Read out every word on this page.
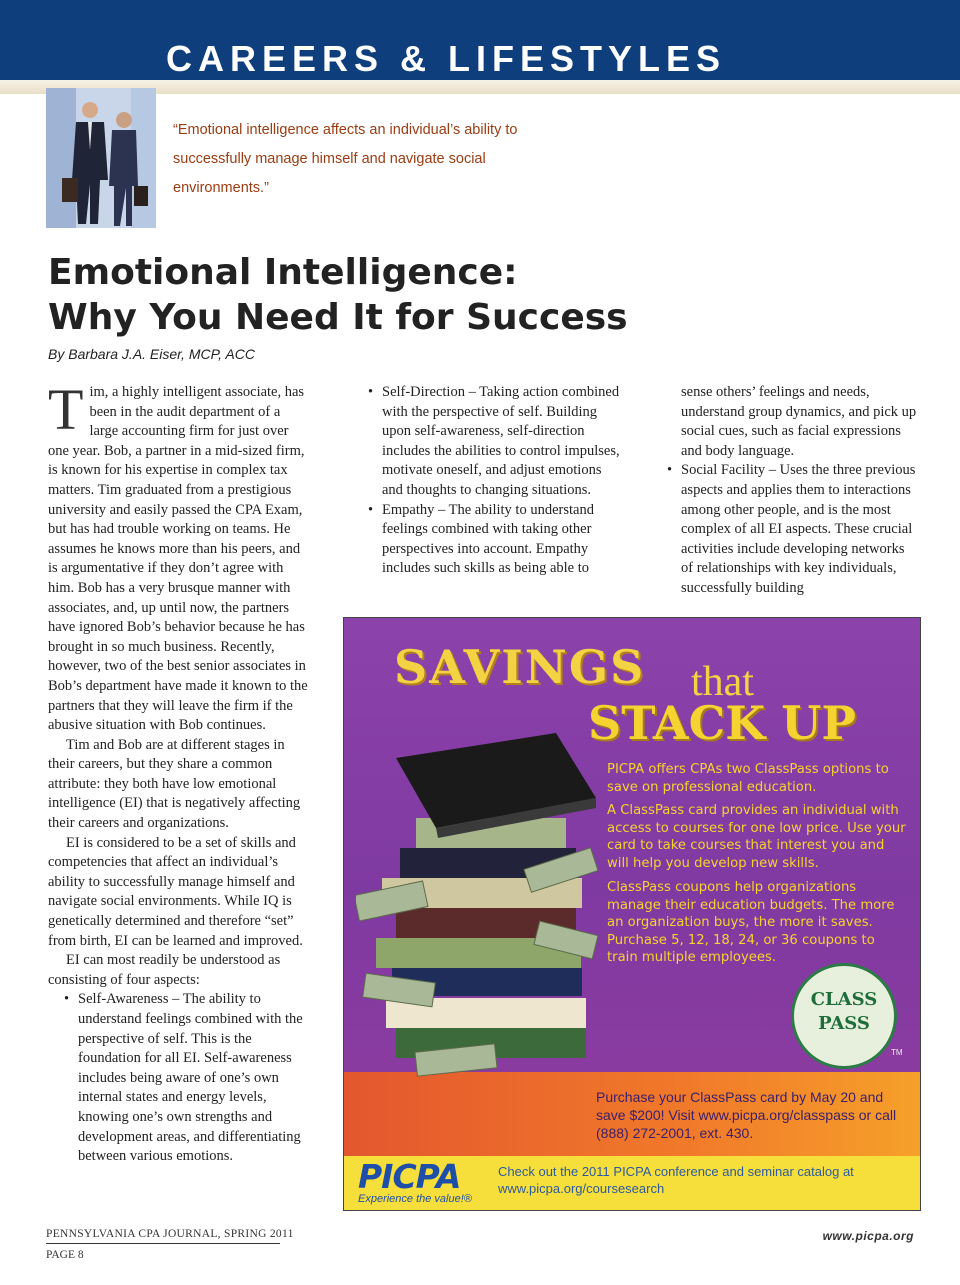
CAREERS & LIFESTYLES
“Emotional intelligence affects an individual’s ability to successfully manage himself and navigate social environments.”
Emotional Intelligence:
Why You Need It for Success
By Barbara J.A. Eiser, MCP, ACC

Tim, a highly intelligent associate, has been in the audit department of a large accounting firm for just over one year. Bob, a partner in a mid-sized firm, is known for his expertise in complex tax matters. Tim graduated from a prestigious university and easily passed the CPA Exam, but has had trouble working on teams. He assumes he knows more than his peers, and is argumentative if they don’t agree with him. Bob has a very brusque manner with associates, and, up until now, the partners have ignored Bob’s behavior because he has brought in so much business. Recently, however, two of the best senior associates in Bob’s department have made it known to the partners that they will leave the firm if the abusive situation with Bob continues.

Tim and Bob are at different stages in their careers, but they share a common attribute: they both have low emotional intelligence (EI) that is negatively affecting their careers and organizations.

EI is considered to be a set of skills and competencies that affect an individual’s ability to successfully manage himself and navigate social environments. While IQ is genetically determined and therefore “set” from birth, EI can be learned and improved.

EI can most readily be understood as consisting of four aspects:

• Self-Awareness – The ability to understand feelings combined with the perspective of self. This is the foundation for all EI. Self-awareness includes being aware of one’s own internal states and energy levels, knowing one’s own strengths and development areas, and differentiating between various emotions.

• Self-Direction – Taking action combined with the perspective of self. Building upon self-awareness, self-direction includes the abilities to control impulses, motivate oneself, and adjust emotions and thoughts to changing situations.

• Empathy – The ability to understand feelings combined with taking other perspectives into account. Empathy includes such skills as being able to

sense others’ feelings and needs, understand group dynamics, and pick up social cues, such as facial expressions and body language.

• Social Facility – Uses the three previous aspects and applies them to interactions among other people, and is the most complex of all EI aspects. These crucial activities include developing networks of relationships with key individuals, successfully building

SAVINGS that
STACK UP

PICPA offers CPAs two ClassPass options to save on professional education.

A ClassPass card provides an individual with access to courses for one low price. Use your card to take courses that interest you and will help you develop new skills.

ClassPass coupons help organizations manage their education budgets. The more an organization buys, the more it saves. Purchase 5, 12, 18, 24, or 36 coupons to train multiple employees.

CLASS
PASS
TM

Purchase your ClassPass card by May 20 and save $200! Visit www.picpa.org/classpass or call (888) 272-2001, ext. 430.

PICPA
Experience the value!®

Check out the 2011 PICPA conference and seminar catalog at www.picpa.org/coursesearch

PENNSYLVANIA CPA JOURNAL, SPRING 2011
PAGE 8
www.picpa.org
